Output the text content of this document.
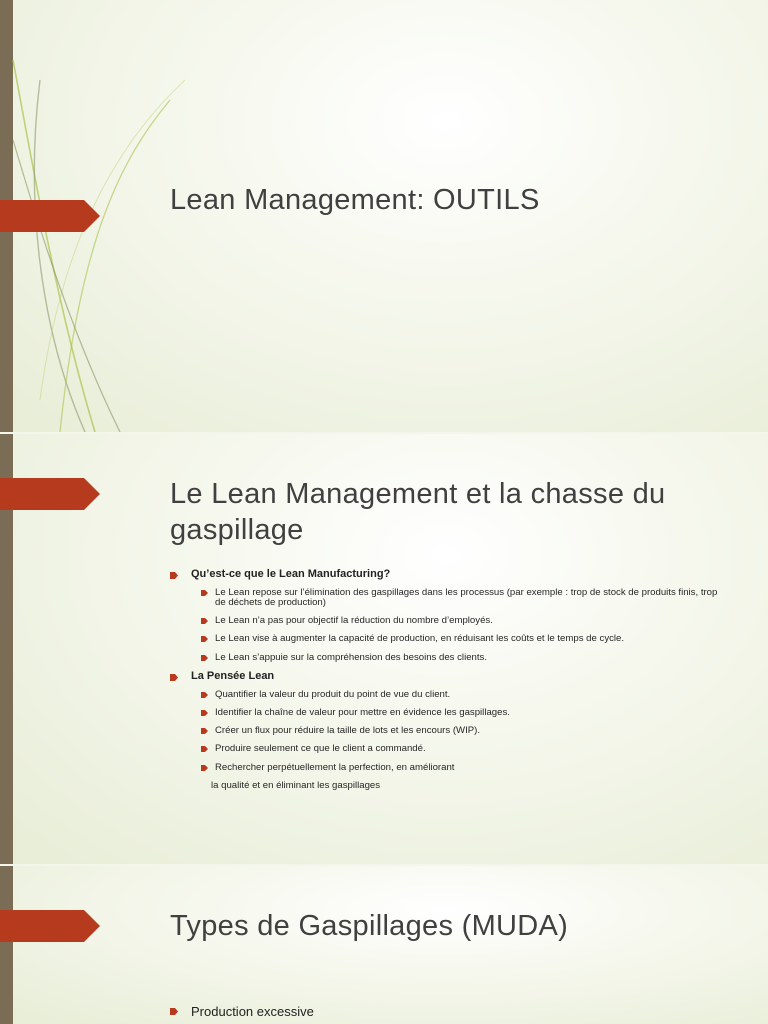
Lean Management: OUTILS
Le Lean Management et la chasse du
gaspillage
Qu’est-ce que le Lean Manufacturing?
Le Lean repose sur l’élimination des gaspillages dans les processus (par exemple : trop de stock de produits finis, trop de déchets de production)
Le Lean n’a pas pour objectif la réduction du nombre d’employés.
Le Lean vise à augmenter la capacité de production, en réduisant les coûts et le temps de cycle.
Le Lean s’appuie sur la compréhension des besoins des clients.
La Pensée Lean
Quantifier la valeur du produit du point de vue du client.
Identifier la chaîne de valeur pour mettre en évidence les gaspillages.
Créer un flux pour réduire la taille de lots et les encours (WIP).
Produire seulement ce que le client a commandé.
Rechercher perpétuellement la perfection, en améliorant
la qualité et en éliminant les gaspillages
Types de Gaspillages (MUDA)
Production excessive
